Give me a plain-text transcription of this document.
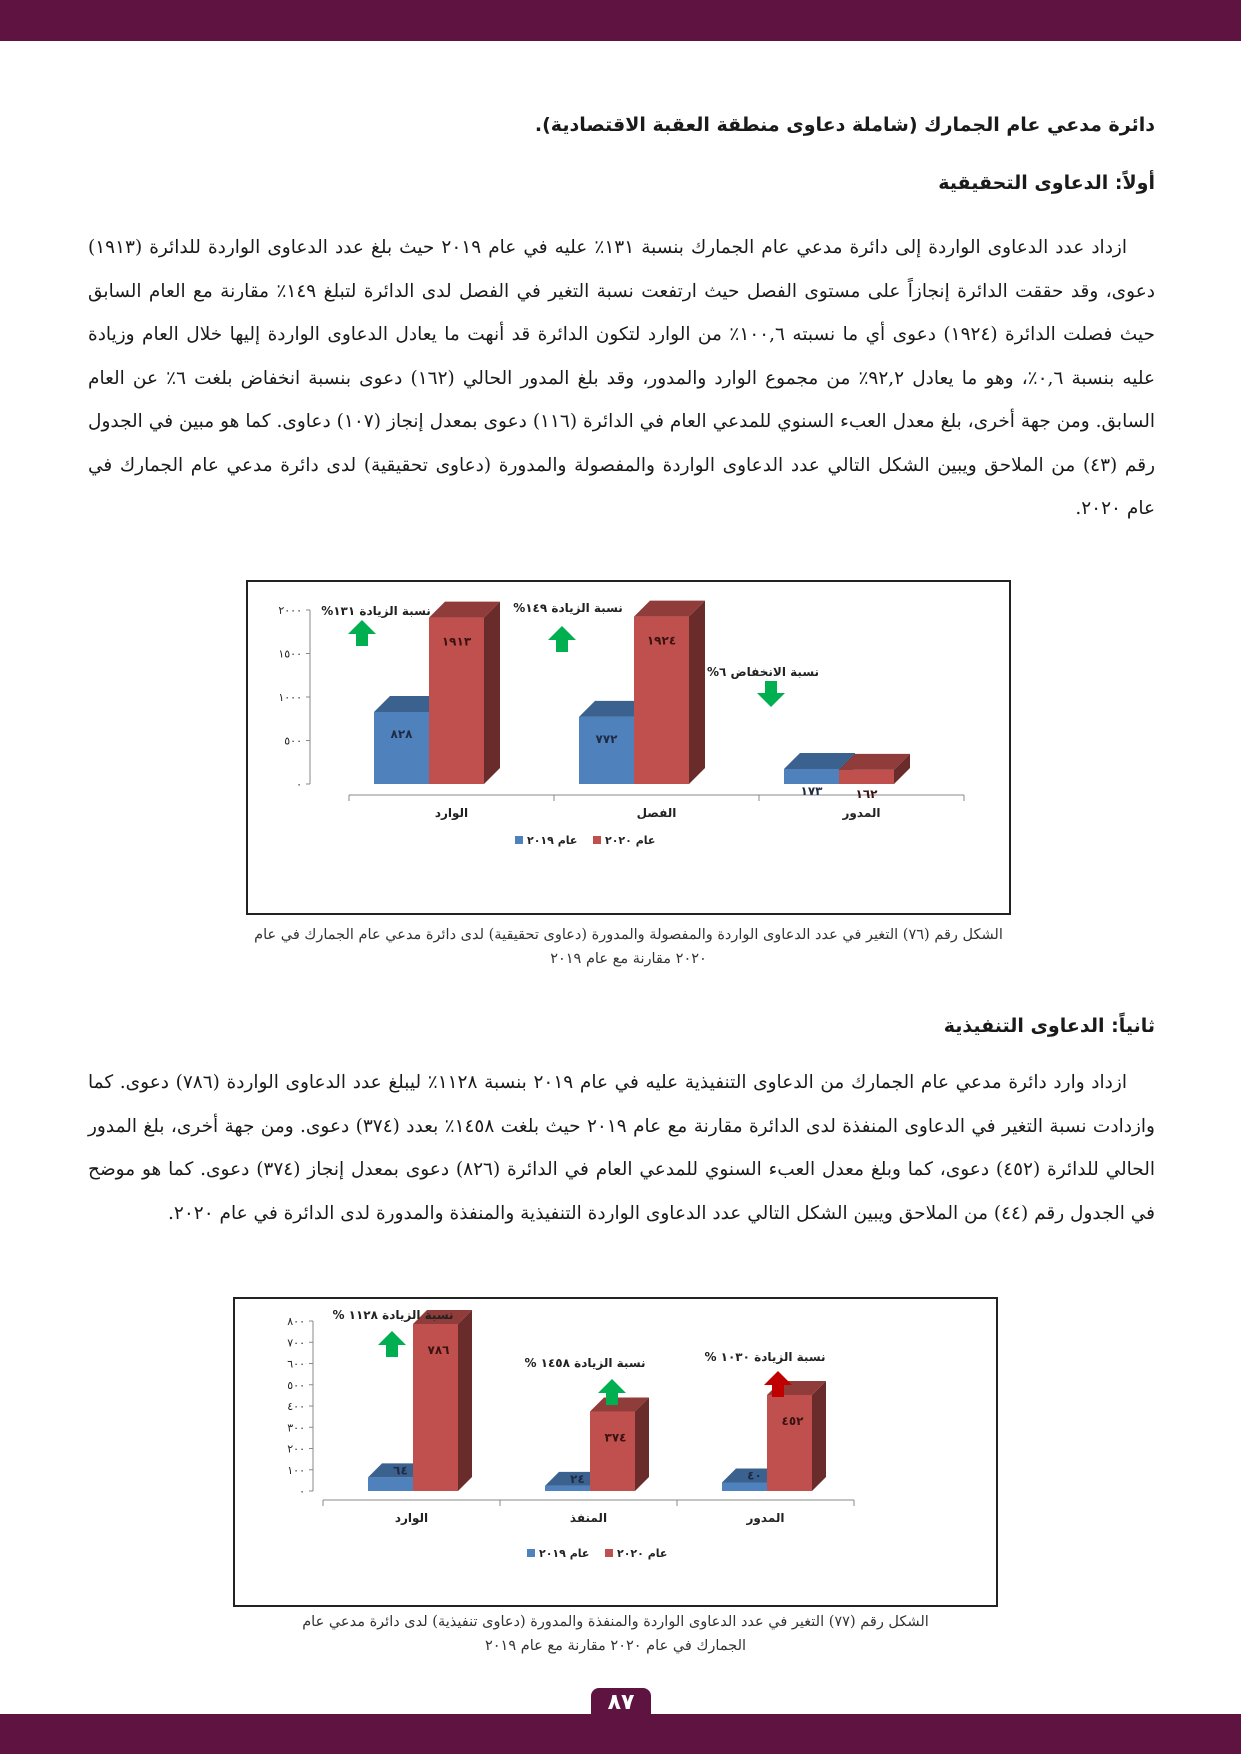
دائرة مدعي عام الجمارك (شاملة دعاوى منطقة العقبة الاقتصادية).
أولاً: الدعاوى التحقيقية
ازداد عدد الدعاوى الواردة إلى دائرة مدعي عام الجمارك بنسبة ١٣١٪ عليه في عام ٢٠١٩ حيث بلغ عدد الدعاوى الواردة للدائرة (١٩١٣) دعوى، وقد حققت الدائرة إنجازاً على مستوى الفصل حيث ارتفعت نسبة التغير في الفصل لدى الدائرة لتبلغ ١٤٩٪ مقارنة مع العام السابق حيث فصلت الدائرة (١٩٢٤) دعوى أي ما نسبته ١٠٠,٦٪ من الوارد لتكون الدائرة قد أنهت ما يعادل الدعاوى الواردة إليها خلال العام وزيادة عليه بنسبة ٠,٦٪، وهو ما يعادل ٩٢,٢٪ من مجموع الوارد والمدور، وقد بلغ المدور الحالي (١٦٢) دعوى بنسبة انخفاض بلغت ٦٪ عن العام السابق. ومن جهة أخرى، بلغ معدل العبء السنوي للمدعي العام في الدائرة (١١٦) دعوى بمعدل إنجاز (١٠٧) دعاوى. كما هو مبين في الجدول رقم (٤٣) من الملاحق ويبين الشكل التالي عدد الدعاوى الواردة والمفصولة والمدورة (دعاوى تحقيقية) لدى دائرة مدعي عام الجمارك في عام ٢٠٢٠.
٠
٥٠٠
١٠٠٠
١٥٠٠
٢٠٠٠
٨٢٨
١٩١٣
الوارد
نسبة الزيادة ١٣١%
٧٧٢
١٩٢٤
الفصل
نسبة الزيادة ١٤٩%
١٧٣	١٦٢
المدور
نسبة الانخفاض ٦%
عام ٢٠٢٠
عام ٢٠١٩
الشكل رقم (٧٦) التغير في عدد الدعاوى الواردة والمفصولة والمدورة (دعاوى تحقيقية) لدى دائرة مدعي عام الجمارك في عام
٢٠٢٠ مقارنة مع عام ٢٠١٩
ثانياً: الدعاوى التنفيذية
ازداد وارد دائرة مدعي عام الجمارك من الدعاوى التنفيذية عليه في عام ٢٠١٩ بنسبة ١١٢٨٪ ليبلغ عدد الدعاوى الواردة (٧٨٦) دعوى. كما وازدادت نسبة التغير في الدعاوى المنفذة لدى الدائرة مقارنة مع عام ٢٠١٩ حيث بلغت ١٤٥٨٪ بعدد (٣٧٤) دعوى. ومن جهة أخرى، بلغ المدور الحالي للدائرة (٤٥٢) دعوى، كما وبلغ معدل العبء السنوي للمدعي العام في الدائرة (٨٢٦) دعوى بمعدل إنجاز (٣٧٤) دعوى. كما هو موضح في الجدول رقم (٤٤) من الملاحق ويبين الشكل التالي عدد الدعاوى الواردة التنفيذية والمنفذة والمدورة لدى الدائرة في عام ٢٠٢٠.
٠
١٠٠
٢٠٠
٣٠٠
٤٠٠
٥٠٠
٦٠٠
٧٠٠
٨٠٠
٦٤
٧٨٦
الوارد
نسبة الزيادة ١١٢٨ %
٢٤
٣٧٤
المنفذ
نسبة الزيادة ١٤٥٨ %
٤٠
٤٥٢
المدور
نسبة الزيادة ١٠٣٠ %
عام ٢٠٢٠
عام ٢٠١٩
الشكل رقم (٧٧) التغير في عدد الدعاوى الواردة والمنفذة والمدورة (دعاوى تنفيذية) لدى دائرة مدعي عام
الجمارك في عام ٢٠٢٠ مقارنة مع عام ٢٠١٩
٨٧
